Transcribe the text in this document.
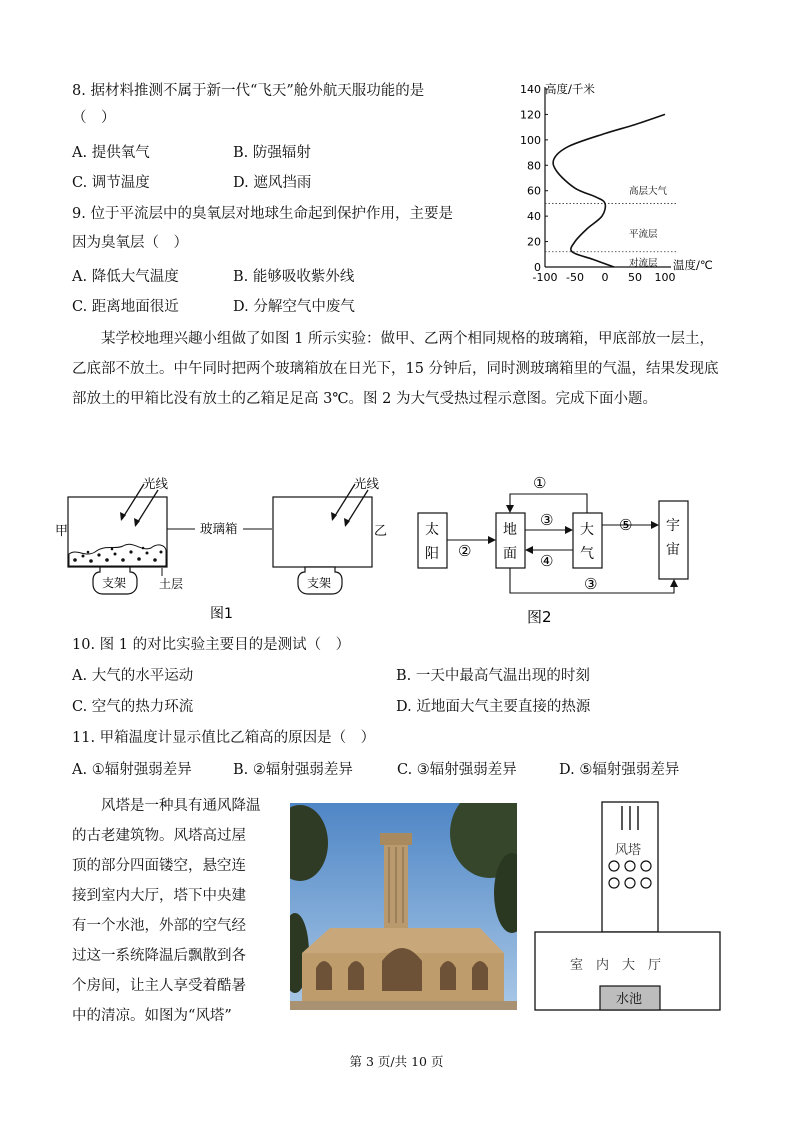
8. 据材料推测不属于新一代“飞天”舱外航天服功能的是
（　）
A. 提供氧气	B. 防强辐射
C. 调节温度	D. 遮风挡雨
9. 位于平流层中的臭氧层对地球生命起到保护作用，主要是
因为臭氧层（　）
A. 降低大气温度	B. 能够吸收紫外线
C. 距离地面很近	D. 分解空气中废气
0
20
40
60
80
100
120
140
-100 -50 0 50 100
高度/千米
温度/℃
高层大气
平流层
对流层
某学校地理兴趣小组做了如图 1 所示实验：做甲、乙两个相同规格的玻璃箱，甲底部放一层土，乙底部不放土。中午同时把两个玻璃箱放在日光下，15 分钟后，同时测玻璃箱里的气温，结果发现底部放土的甲箱比没有放土的乙箱足足高 3℃。图 2 为大气受热过程示意图。完成下面小题。
支架	土层
甲
光线
玻璃箱
支架
乙
光线
图1
太
阳
地
面
大
气
宇
宙
①
②
③
④
⑤
③
图2
10. 图 1 的对比实验主要目的是测试（　）
A. 大气的水平运动	B. 一天中最高气温出现的时刻
C. 空气的热力环流	D. 近地面大气主要直接的热源
11. 甲箱温度计显示值比乙箱高的原因是（　）
A. ①辐射强弱差异	B. ②辐射强弱差异	C. ③辐射强弱差异	D. ⑤辐射强弱差异
风塔是一种具有通风降温
的古老建筑物。风塔高过屋
顶的部分四面镂空，悬空连
接到室内大厅，塔下中央建
有一个水池，外部的空气经
过这一系统降温后飘散到各
个房间，让主人享受着酷暑
中的清凉。如图为“风塔”
风塔
室　内　大　厅
水池
第 3 页/共 10 页
